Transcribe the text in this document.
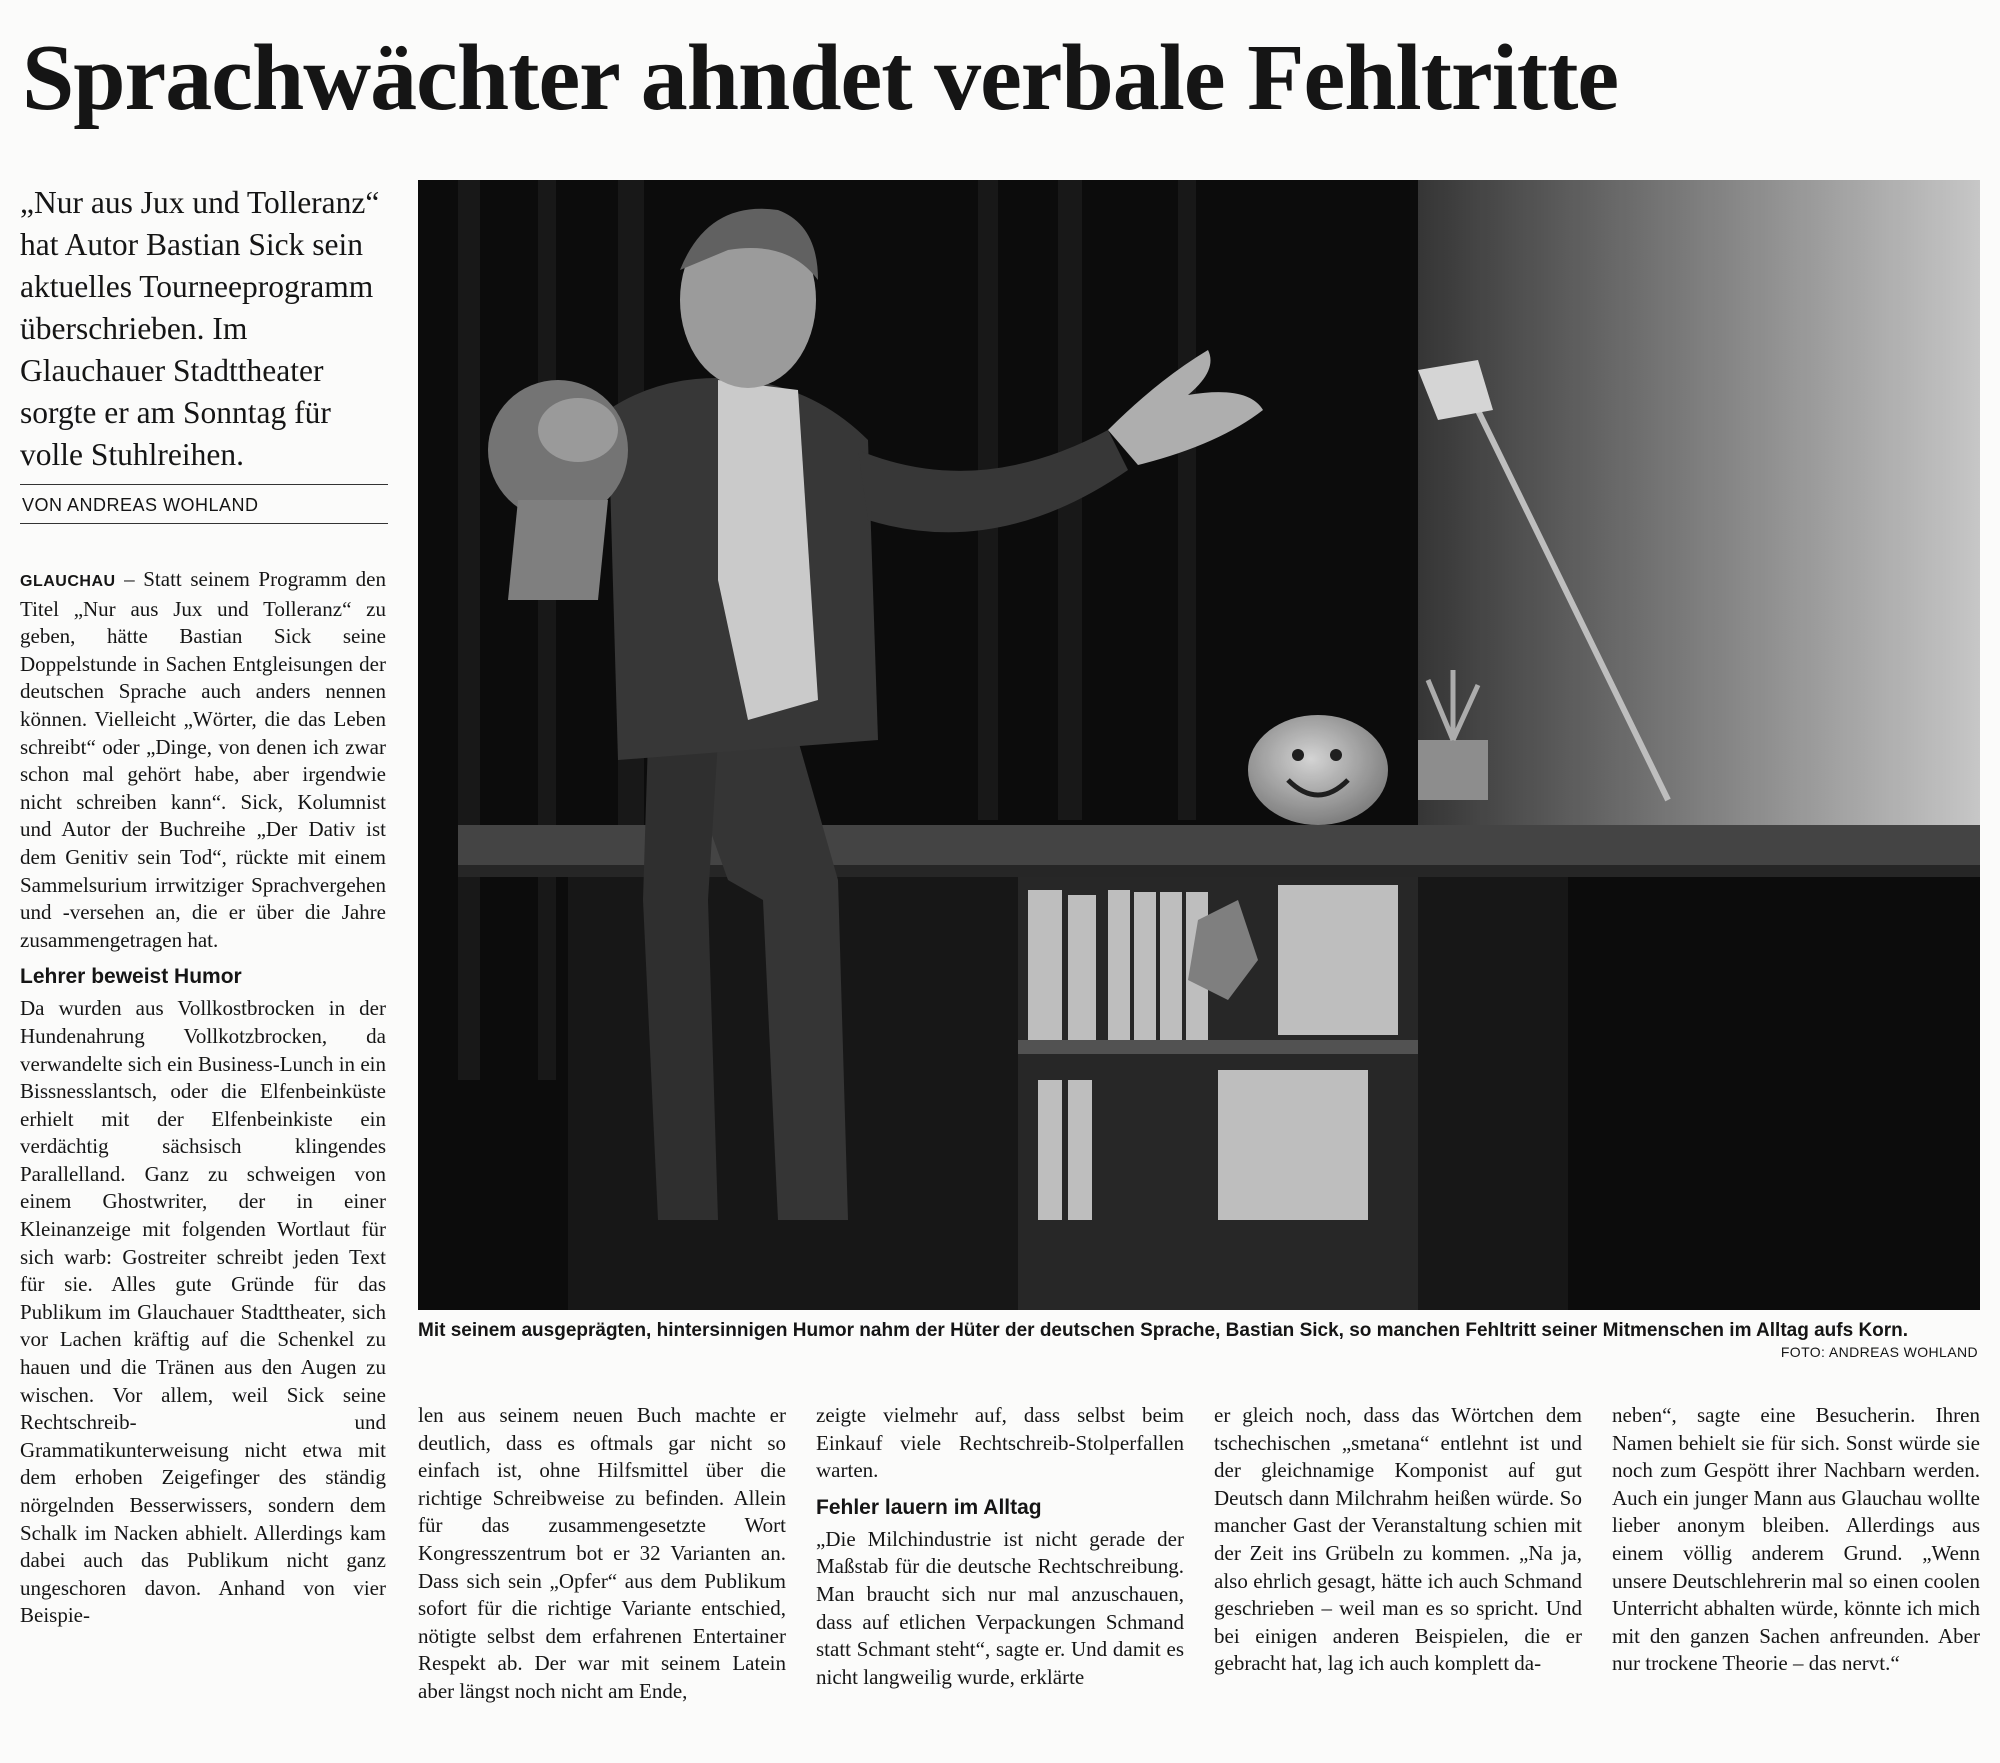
Sprachwächter ahndet verbale Fehltritte

„Nur aus Jux und Tolleranz“ hat Autor Bastian Sick sein aktuelles Tourneeprogramm überschrieben. Im Glauchauer Stadttheater sorgte er am Sonntag für volle Stuhlreihen.

VON ANDREAS WOHLAND

GLAUCHAU – Statt seinem Programm den Titel „Nur aus Jux und Tolleranz“ zu geben, hätte Bastian Sick seine Doppelstunde in Sachen Entgleisungen der deutschen Sprache auch anders nennen können. Vielleicht „Wörter, die das Leben schreibt“ oder „Dinge, von denen ich zwar schon mal gehört habe, aber irgendwie nicht schreiben kann“. Sick, Kolumnist und Autor der Buchreihe „Der Dativ ist dem Genitiv sein Tod“, rückte mit einem Sammelsurium irrwitziger Sprachvergehen und -versehen an, die er über die Jahre zusammengetragen hat.

Lehrer beweist Humor

Da wurden aus Vollkostbrocken in der Hundenahrung Vollkotzbrocken, da verwandelte sich ein Business-Lunch in ein Bissnesslantsch, oder die Elfenbeinküste erhielt mit der Elfenbeinkiste ein verdächtig sächsisch klingendes Parallelland. Ganz zu schweigen von einem Ghostwriter, der in einer Kleinanzeige mit folgenden Wortlaut für sich warb: Gostreiter schreibt jeden Text für sie. Alles gute Gründe für das Publikum im Glauchauer Stadttheater, sich vor Lachen kräftig auf die Schenkel zu hauen und die Tränen aus den Augen zu wischen. Vor allem, weil Sick seine Rechtschreib- und Grammatikunterweisung nicht etwa mit dem erhoben Zeigefinger des ständig nörgelnden Besserwissers, sondern dem Schalk im Nacken abhielt. Allerdings kam dabei auch das Publikum nicht ganz ungeschoren davon. Anhand von vier Beispie-

Mit seinem ausgeprägten, hintersinnigen Humor nahm der Hüter der deutschen Sprache, Bastian Sick, so manchen Fehltritt seiner Mitmenschen im Alltag aufs Korn.

FOTO: ANDREAS WOHLAND

len aus seinem neuen Buch machte er deutlich, dass es oftmals gar nicht so einfach ist, ohne Hilfsmittel über die richtige Schreibweise zu befinden. Allein für das zusammengesetzte Wort Kongresszentrum bot er 32 Varianten an. Dass sich sein „Opfer“ aus dem Publikum sofort für die richtige Variante entschied, nötigte selbst dem erfahrenen Entertainer Respekt ab. Der war mit seinem Latein aber längst noch nicht am Ende,

zeigte vielmehr auf, dass selbst beim Einkauf viele Rechtschreib-Stolperfallen warten.

Fehler lauern im Alltag

„Die Milchindustrie ist nicht gerade der Maßstab für die deutsche Rechtschreibung. Man braucht sich nur mal anzuschauen, dass auf etlichen Verpackungen Schmand statt Schmant steht“, sagte er. Und damit es nicht langweilig wurde, erklärte

er gleich noch, dass das Wörtchen dem tschechischen „smetana“ entlehnt ist und der gleichnamige Komponist auf gut Deutsch dann Milchrahm heißen würde. So mancher Gast der Veranstaltung schien mit der Zeit ins Grübeln zu kommen. „Na ja, also ehrlich gesagt, hätte ich auch Schmand geschrieben – weil man es so spricht. Und bei einigen anderen Beispielen, die er gebracht hat, lag ich auch komplett da-

neben“, sagte eine Besucherin. Ihren Namen behielt sie für sich. Sonst würde sie noch zum Gespött ihrer Nachbarn werden. Auch ein junger Mann aus Glauchau wollte lieber anonym bleiben. Allerdings aus einem völlig anderem Grund. „Wenn unsere Deutschlehrerin mal so einen coolen Unterricht abhalten würde, könnte ich mich mit den ganzen Sachen anfreunden. Aber nur trockene Theorie – das nervt.“
